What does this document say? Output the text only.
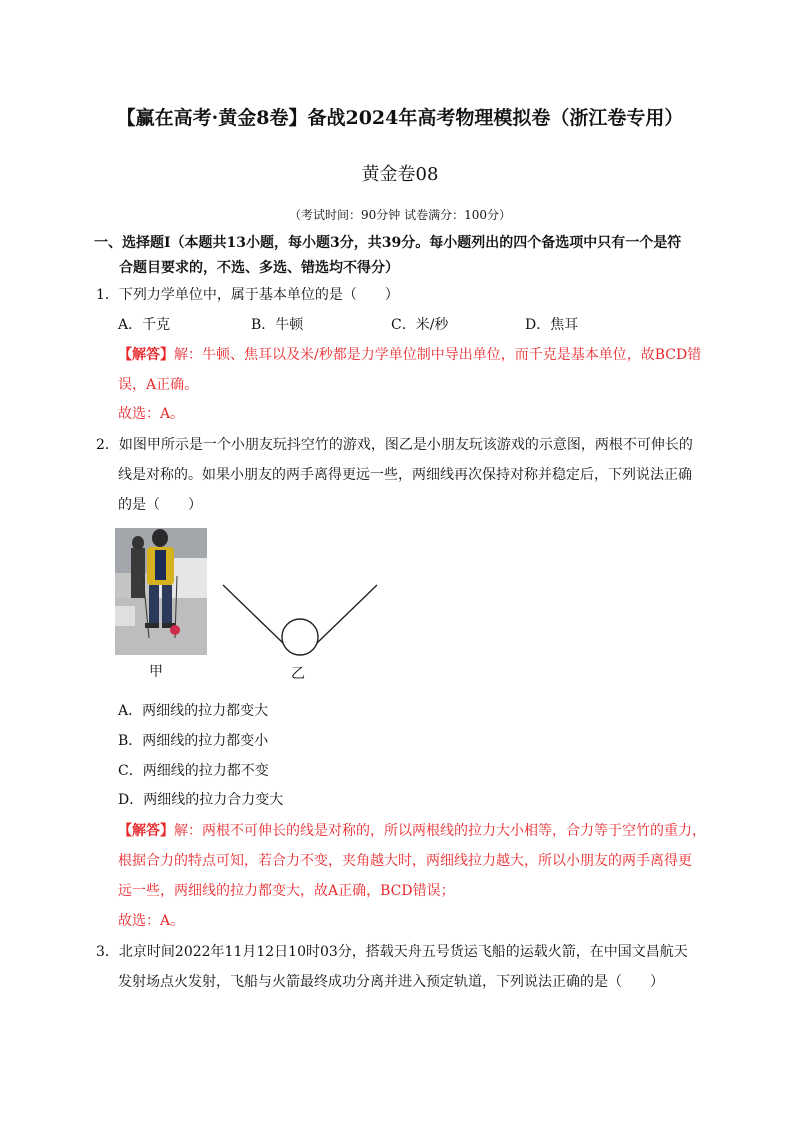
【赢在高考·黄金8卷】备战2024年高考物理模拟卷（浙江卷专用）
黄金卷08
（考试时间：90分钟 试卷满分：100分）
一、选择题Ⅰ（本题共13小题，每小题3分，共39分。每小题列出的四个备选项中只有一个是符
合题目要求的，不选、多选、错选均不得分）
1．下列力学单位中，属于基本单位的是（　　）
A．千克	B．牛顿	C．米/秒	D．焦耳
【解答】解：牛顿、焦耳以及米/秒都是力学单位制中导出单位，而千克是基本单位，故BCD错
误，A正确。
故选：A。
2．如图甲所示是一个小朋友玩抖空竹的游戏，图乙是小朋友玩该游戏的示意图，两根不可伸长的
线是对称的。如果小朋友的两手离得更远一些，两细线再次保持对称并稳定后，下列说法正确
的是（　　）
甲	乙
A．两细线的拉力都变大
B．两细线的拉力都变小
C．两细线的拉力都不变
D．两细线的拉力合力变大
【解答】解：两根不可伸长的线是对称的，所以两根线的拉力大小相等，合力等于空竹的重力，
根据合力的特点可知，若合力不变，夹角越大时，两细线拉力越大，所以小朋友的两手离得更
远一些，两细线的拉力都变大，故A正确，BCD错误；
故选：A。
3．北京时间2022年11月12日10时03分，搭载天舟五号货运飞船的运载火箭，在中国文昌航天
发射场点火发射，飞船与火箭最终成功分离并进入预定轨道，下列说法正确的是（　　）
